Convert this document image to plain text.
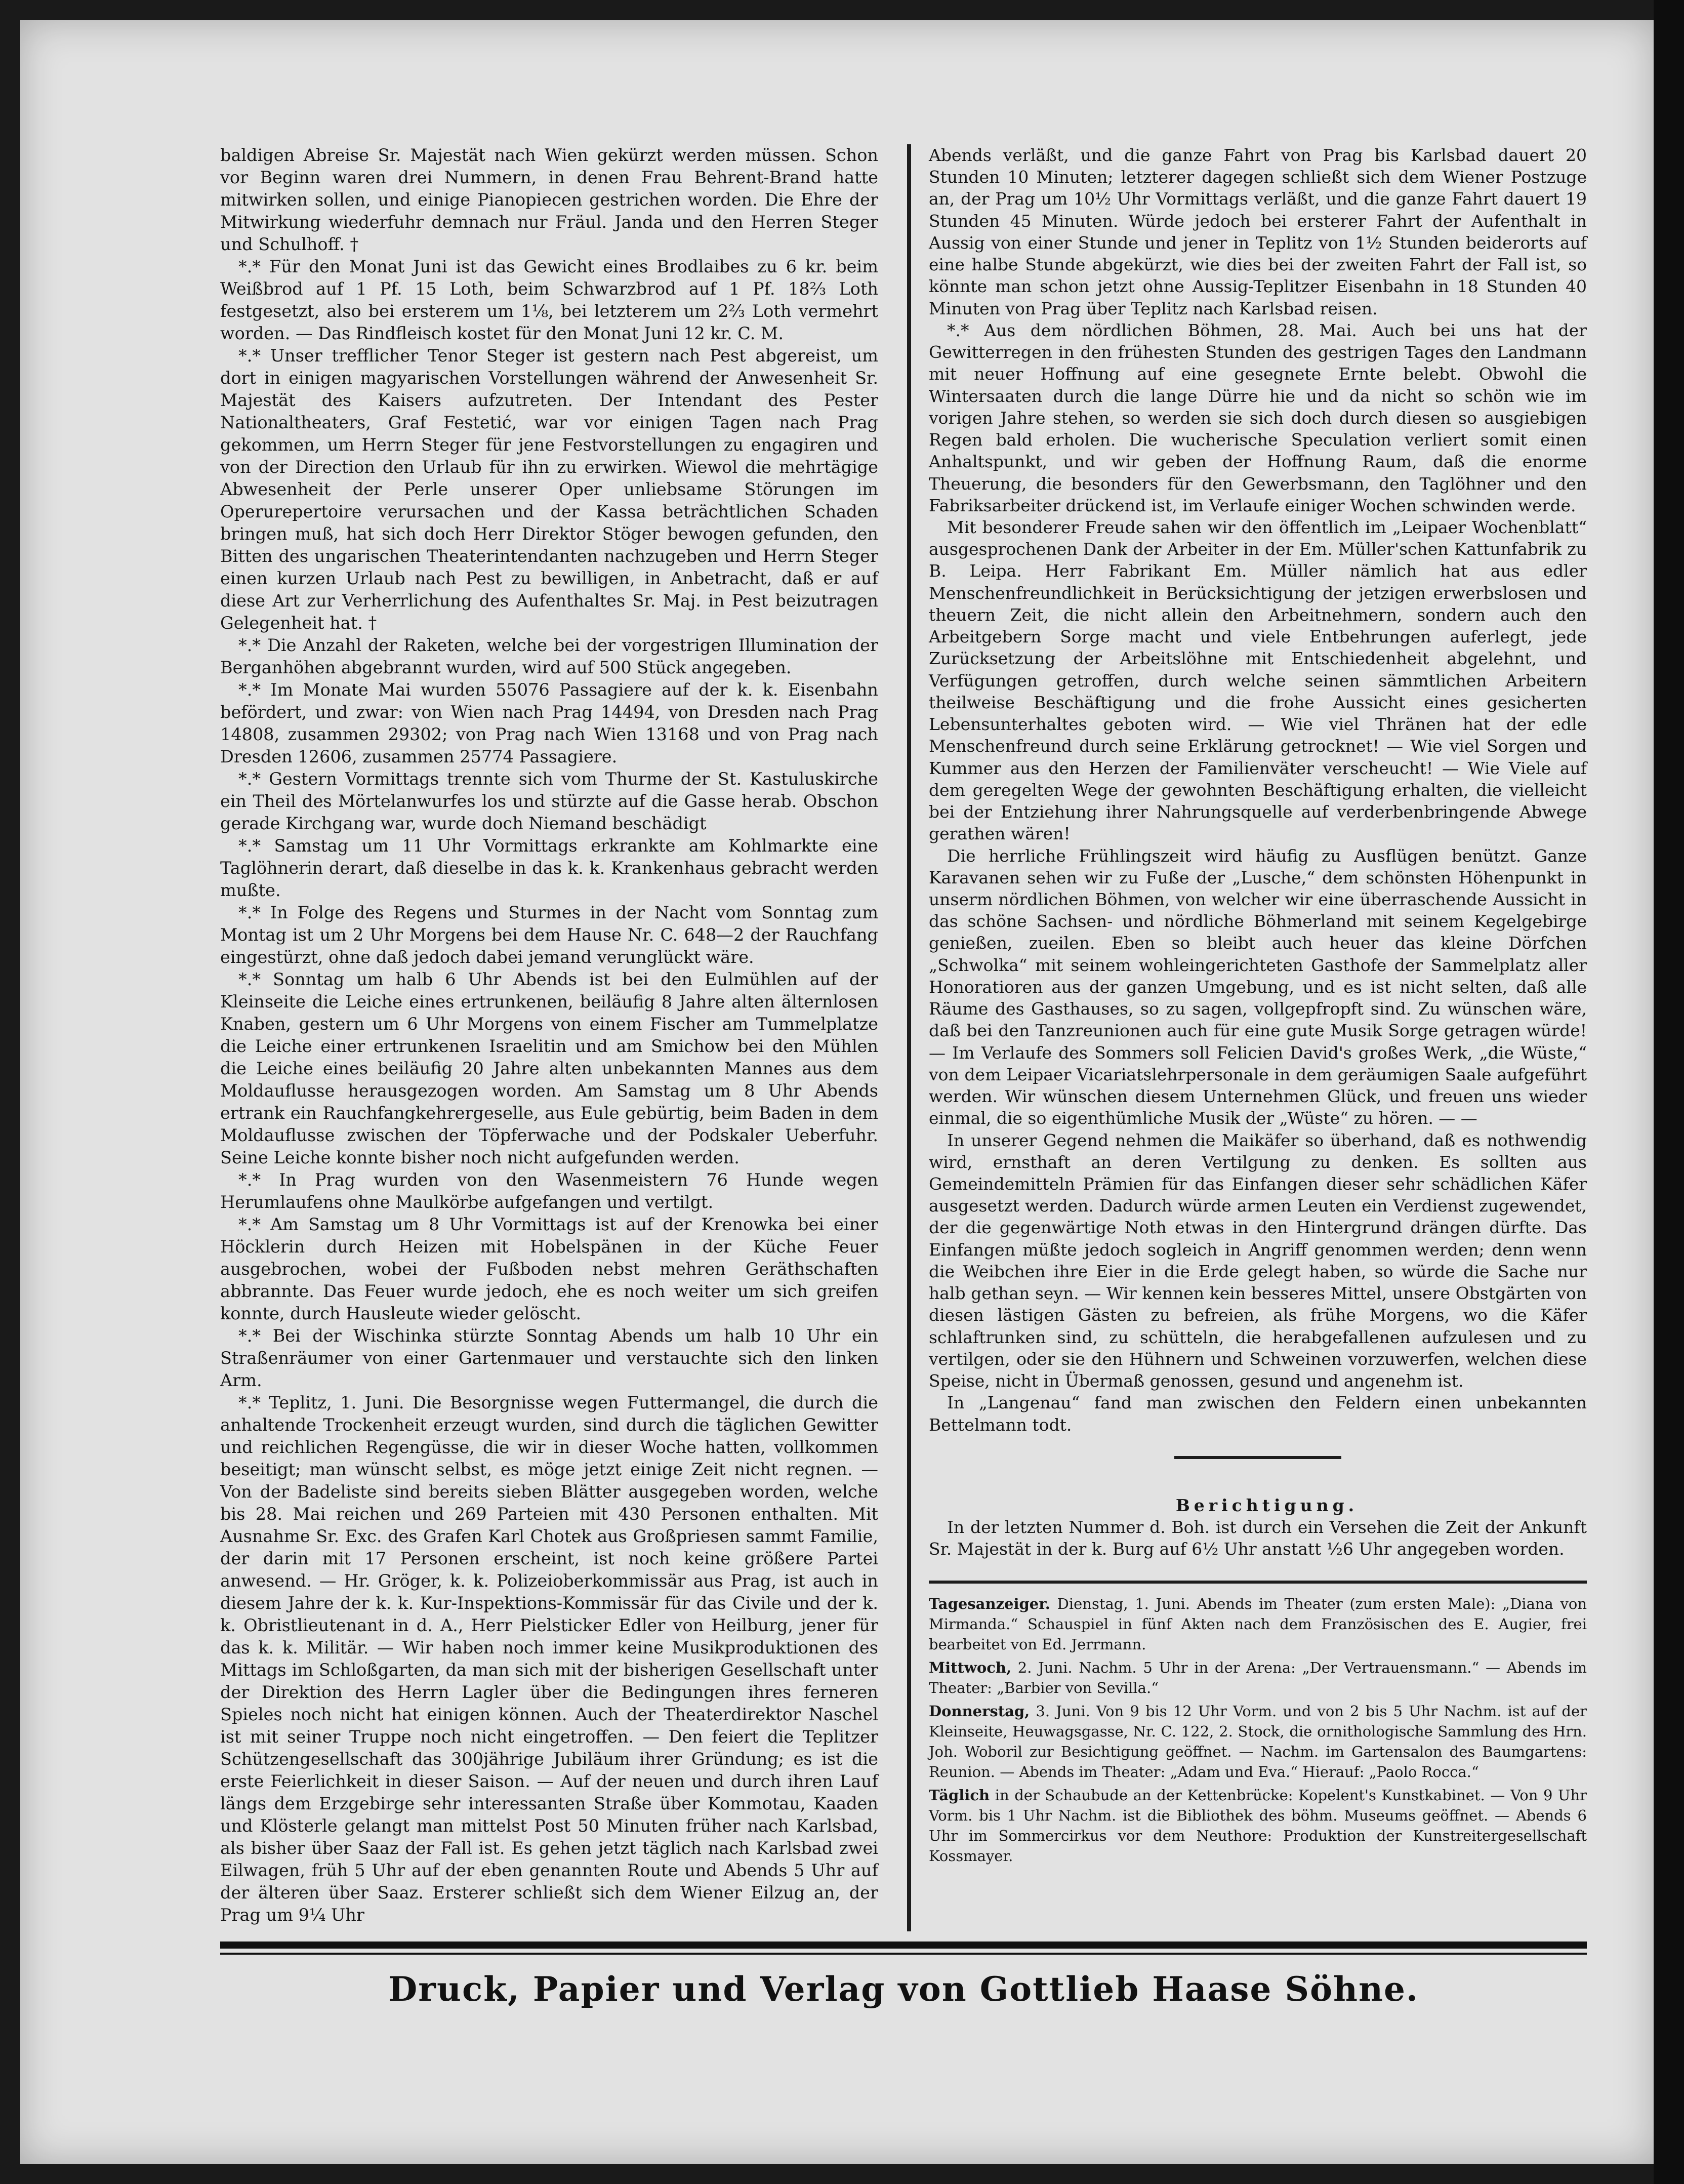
baldigen Abreise Sr. Majestät nach Wien gekürzt werden müssen. Schon vor Beginn waren drei Nummern, in denen Frau Behrent-Brand hatte mitwirken sollen, und einige Pianopiecen gestrichen worden. Die Ehre der Mitwirkung wiederfuhr demnach nur Fräul. Janda und den Herren Steger und Schulhoff. †

*.* Für den Monat Juni ist das Gewicht eines Brodlaibes zu 6 kr. beim Weißbrod auf 1 Pf. 15 Loth, beim Schwarzbrod auf 1 Pf. 18⅔ Loth festgesetzt, also bei ersterem um 1⅛, bei letzterem um 2⅔ Loth vermehrt worden. — Das Rindfleisch kostet für den Monat Juni 12 kr. C. M.

*.* Unser trefflicher Tenor Steger ist gestern nach Pest abgereist, um dort in einigen magyarischen Vorstellungen während der Anwesenheit Sr. Majestät des Kaisers aufzutreten. Der Intendant des Pester Nationaltheaters, Graf Festetić, war vor einigen Tagen nach Prag gekommen, um Herrn Steger für jene Festvorstellungen zu engagiren und von der Direction den Urlaub für ihn zu erwirken. Wiewol die mehrtägige Abwesenheit der Perle unserer Oper unliebsame Störungen im Operurepertoire verursachen und der Kassa beträchtlichen Schaden bringen muß, hat sich doch Herr Direktor Stöger bewogen gefunden, den Bitten des ungarischen Theaterintendanten nachzugeben und Herrn Steger einen kurzen Urlaub nach Pest zu bewilligen, in Anbetracht, daß er auf diese Art zur Verherrlichung des Aufenthaltes Sr. Maj. in Pest beizutragen Gelegenheit hat. †

*.* Die Anzahl der Raketen, welche bei der vorgestrigen Illumination der Berganhöhen abgebrannt wurden, wird auf 500 Stück angegeben.

*.* Im Monate Mai wurden 55076 Passagiere auf der k. k. Eisenbahn befördert, und zwar: von Wien nach Prag 14494, von Dresden nach Prag 14808, zusammen 29302; von Prag nach Wien 13168 und von Prag nach Dresden 12606, zusammen 25774 Passagiere.

*.* Gestern Vormittags trennte sich vom Thurme der St. Kastuluskirche ein Theil des Mörtelanwurfes los und stürzte auf die Gasse herab. Obschon gerade Kirchgang war, wurde doch Niemand beschädigt

*.* Samstag um 11 Uhr Vormittags erkrankte am Kohlmarkte eine Taglöhnerin derart, daß dieselbe in das k. k. Krankenhaus gebracht werden mußte.

*.* In Folge des Regens und Sturmes in der Nacht vom Sonntag zum Montag ist um 2 Uhr Morgens bei dem Hause Nr. C. 648—2 der Rauchfang eingestürzt, ohne daß jedoch dabei jemand verunglückt wäre.

*.* Sonntag um halb 6 Uhr Abends ist bei den Eulmühlen auf der Kleinseite die Leiche eines ertrunkenen, beiläufig 8 Jahre alten älternlosen Knaben, gestern um 6 Uhr Morgens von einem Fischer am Tummelplatze die Leiche einer ertrunkenen Israelitin und am Smichow bei den Mühlen die Leiche eines beiläufig 20 Jahre alten unbekannten Mannes aus dem Moldauflusse herausgezogen worden. Am Samstag um 8 Uhr Abends ertrank ein Rauchfangkehrergeselle, aus Eule gebürtig, beim Baden in dem Moldauflusse zwischen der Töpferwache und der Podskaler Ueberfuhr. Seine Leiche konnte bisher noch nicht aufgefunden werden.

*.* In Prag wurden von den Wasenmeistern 76 Hunde wegen Herumlaufens ohne Maulkörbe aufgefangen und vertilgt.

*.* Am Samstag um 8 Uhr Vormittags ist auf der Krenowka bei einer Höcklerin durch Heizen mit Hobelspänen in der Küche Feuer ausgebrochen, wobei der Fußboden nebst mehren Geräthschaften abbrannte. Das Feuer wurde jedoch, ehe es noch weiter um sich greifen konnte, durch Hausleute wieder gelöscht.

*.* Bei der Wischinka stürzte Sonntag Abends um halb 10 Uhr ein Straßenräumer von einer Gartenmauer und verstauchte sich den linken Arm.

*.* Teplitz, 1. Juni. Die Besorgnisse wegen Futtermangel, die durch die anhaltende Trockenheit erzeugt wurden, sind durch die täglichen Gewitter und reichlichen Regengüsse, die wir in dieser Woche hatten, vollkommen beseitigt; man wünscht selbst, es möge jetzt einige Zeit nicht regnen. — Von der Badeliste sind bereits sieben Blätter ausgegeben worden, welche bis 28. Mai reichen und 269 Parteien mit 430 Personen enthalten. Mit Ausnahme Sr. Exc. des Grafen Karl Chotek aus Großpriesen sammt Familie, der darin mit 17 Personen erscheint, ist noch keine größere Partei anwesend. — Hr. Gröger, k. k. Polizeioberkommissär aus Prag, ist auch in diesem Jahre der k. k. Kur-Inspektions-Kommissär für das Civile und der k. k. Obristlieutenant in d. A., Herr Pielsticker Edler von Heilburg, jener für das k. k. Militär. — Wir haben noch immer keine Musikproduktionen des Mittags im Schloßgarten, da man sich mit der bisherigen Gesellschaft unter der Direktion des Herrn Lagler über die Bedingungen ihres ferneren Spieles noch nicht hat einigen können. Auch der Theaterdirektor Naschel ist mit seiner Truppe noch nicht eingetroffen. — Den feiert die Teplitzer Schützengesellschaft das 300jährige Jubiläum ihrer Gründung; es ist die erste Feierlichkeit in dieser Saison. — Auf der neuen und durch ihren Lauf längs dem Erzgebirge sehr interessanten Straße über Kommotau, Kaaden und Klösterle gelangt man mittelst Post 50 Minuten früher nach Karlsbad, als bisher über Saaz der Fall ist. Es gehen jetzt täglich nach Karlsbad zwei Eilwagen, früh 5 Uhr auf der eben genannten Route und Abends 5 Uhr auf der älteren über Saaz. Ersterer schließt sich dem Wiener Eilzug an, der Prag um 9¼ Uhr

Abends verläßt, und die ganze Fahrt von Prag bis Karlsbad dauert 20 Stunden 10 Minuten; letzterer dagegen schließt sich dem Wiener Postzuge an, der Prag um 10½ Uhr Vormittags verläßt, und die ganze Fahrt dauert 19 Stunden 45 Minuten. Würde jedoch bei ersterer Fahrt der Aufenthalt in Aussig von einer Stunde und jener in Teplitz von 1½ Stunden beiderorts auf eine halbe Stunde abgekürzt, wie dies bei der zweiten Fahrt der Fall ist, so könnte man schon jetzt ohne Aussig-Teplitzer Eisenbahn in 18 Stunden 40 Minuten von Prag über Teplitz nach Karlsbad reisen.

*.* Aus dem nördlichen Böhmen, 28. Mai. Auch bei uns hat der Gewitterregen in den frühesten Stunden des gestrigen Tages den Landmann mit neuer Hoffnung auf eine gesegnete Ernte belebt. Obwohl die Wintersaaten durch die lange Dürre hie und da nicht so schön wie im vorigen Jahre stehen, so werden sie sich doch durch diesen so ausgiebigen Regen bald erholen. Die wucherische Speculation verliert somit einen Anhaltspunkt, und wir geben der Hoffnung Raum, daß die enorme Theuerung, die besonders für den Gewerbsmann, den Taglöhner und den Fabriksarbeiter drückend ist, im Verlaufe einiger Wochen schwinden werde.

Mit besonderer Freude sahen wir den öffentlich im „Leipaer Wochenblatt“ ausgesprochenen Dank der Arbeiter in der Em. Müller'schen Kattunfabrik zu B. Leipa. Herr Fabrikant Em. Müller nämlich hat aus edler Menschenfreundlichkeit in Berücksichtigung der jetzigen erwerbslosen und theuern Zeit, die nicht allein den Arbeitnehmern, sondern auch den Arbeitgebern Sorge macht und viele Entbehrungen auferlegt, jede Zurücksetzung der Arbeitslöhne mit Entschiedenheit abgelehnt, und Verfügungen getroffen, durch welche seinen sämmtlichen Arbeitern theilweise Beschäftigung und die frohe Aussicht eines gesicherten Lebensunterhaltes geboten wird. — Wie viel Thränen hat der edle Menschenfreund durch seine Erklärung getrocknet! — Wie viel Sorgen und Kummer aus den Herzen der Familienväter verscheucht! — Wie Viele auf dem geregelten Wege der gewohnten Beschäftigung erhalten, die vielleicht bei der Entziehung ihrer Nahrungsquelle auf verderbenbringende Abwege gerathen wären!

Die herrliche Frühlingszeit wird häufig zu Ausflügen benützt. Ganze Karavanen sehen wir zu Fuße der „Lusche,“ dem schönsten Höhenpunkt in unserm nördlichen Böhmen, von welcher wir eine überraschende Aussicht in das schöne Sachsen- und nördliche Böhmerland mit seinem Kegelgebirge genießen, zueilen. Eben so bleibt auch heuer das kleine Dörfchen „Schwolka“ mit seinem wohleingerichteten Gasthofe der Sammelplatz aller Honoratioren aus der ganzen Umgebung, und es ist nicht selten, daß alle Räume des Gasthauses, so zu sagen, vollgepfropft sind. Zu wünschen wäre, daß bei den Tanzreunionen auch für eine gute Musik Sorge getragen würde! — Im Verlaufe des Sommers soll Felicien David's großes Werk, „die Wüste,“ von dem Leipaer Vicariatslehrpersonale in dem geräumigen Saale aufgeführt werden. Wir wünschen diesem Unternehmen Glück, und freuen uns wieder einmal, die so eigenthümliche Musik der „Wüste“ zu hören. — —

In unserer Gegend nehmen die Maikäfer so überhand, daß es nothwendig wird, ernsthaft an deren Vertilgung zu denken. Es sollten aus Gemeindemitteln Prämien für das Einfangen dieser sehr schädlichen Käfer ausgesetzt werden. Dadurch würde armen Leuten ein Verdienst zugewendet, der die gegenwärtige Noth etwas in den Hintergrund drängen dürfte. Das Einfangen müßte jedoch sogleich in Angriff genommen werden; denn wenn die Weibchen ihre Eier in die Erde gelegt haben, so würde die Sache nur halb gethan seyn. — Wir kennen kein besseres Mittel, unsere Obstgärten von diesen lästigen Gästen zu befreien, als frühe Morgens, wo die Käfer schlaftrunken sind, zu schütteln, die herabgefallenen aufzulesen und zu vertilgen, oder sie den Hühnern und Schweinen vorzuwerfen, welchen diese Speise, nicht in Übermaß genossen, gesund und angenehm ist.

In „Langenau“ fand man zwischen den Feldern einen unbekannten Bettelmann todt.

Berichtigung.

In der letzten Nummer d. Boh. ist durch ein Versehen die Zeit der Ankunft Sr. Majestät in der k. Burg auf 6½ Uhr anstatt ½6 Uhr angegeben worden.

Tagesanzeiger. Dienstag, 1. Juni. Abends im Theater (zum ersten Male): „Diana von Mirmanda.“ Schauspiel in fünf Akten nach dem Französischen des E. Augier, frei bearbeitet von Ed. Jerrmann.

Mittwoch, 2. Juni. Nachm. 5 Uhr in der Arena: „Der Vertrauensmann.“ — Abends im Theater: „Barbier von Sevilla.“

Donnerstag, 3. Juni. Von 9 bis 12 Uhr Vorm. und von 2 bis 5 Uhr Nachm. ist auf der Kleinseite, Heuwagsgasse, Nr. C. 122, 2. Stock, die ornithologische Sammlung des Hrn. Joh. Woboril zur Besichtigung geöffnet. — Nachm. im Gartensalon des Baumgartens: Reunion. — Abends im Theater: „Adam und Eva.“ Hierauf: „Paolo Rocca.“

Täglich in der Schaubude an der Kettenbrücke: Kopelent's Kunstkabinet. — Von 9 Uhr Vorm. bis 1 Uhr Nachm. ist die Bibliothek des böhm. Museums geöffnet. — Abends 6 Uhr im Sommercirkus vor dem Neuthore: Produktion der Kunstreitergesellschaft Kossmayer.

Druck, Papier und Verlag von Gottlieb Haase Söhne.
